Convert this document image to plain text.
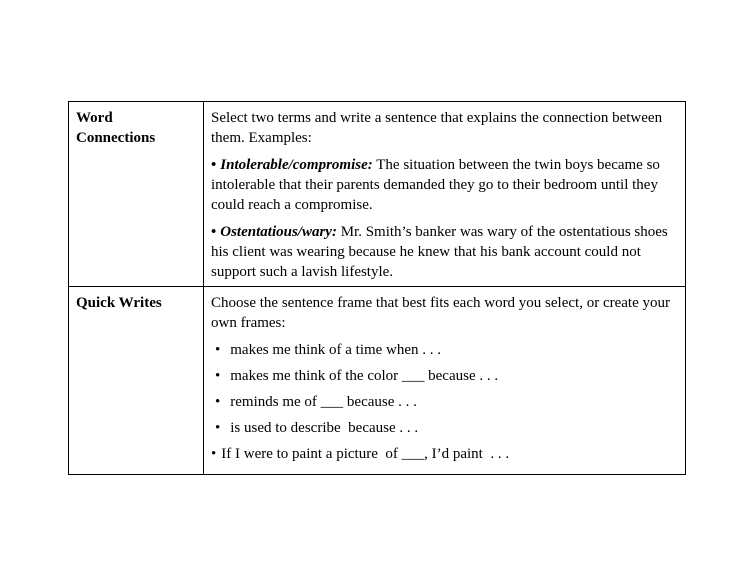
Word Connections	Select two terms and write a sentence that explains the connection between them. Examples:

• Intolerable/compromise: The situation between the twin boys became so intolerable that their parents demanded they go to their bedroom until they could reach a compromise.

• Ostentatious/wary: Mr. Smith’s banker was wary of the ostentatious shoes his client was wearing because he knew that his bank account could not support such a lavish lifestyle.

Quick Writes	Choose the sentence frame that best fits each word you select, or create your own frames:

• makes me think of a time when . . .
• makes me think of the color ___ because . . .
• reminds me of ___ because . . .
• is used to describe  because . . .
• If I were to paint a picture  of ___, I’d paint  . . .
